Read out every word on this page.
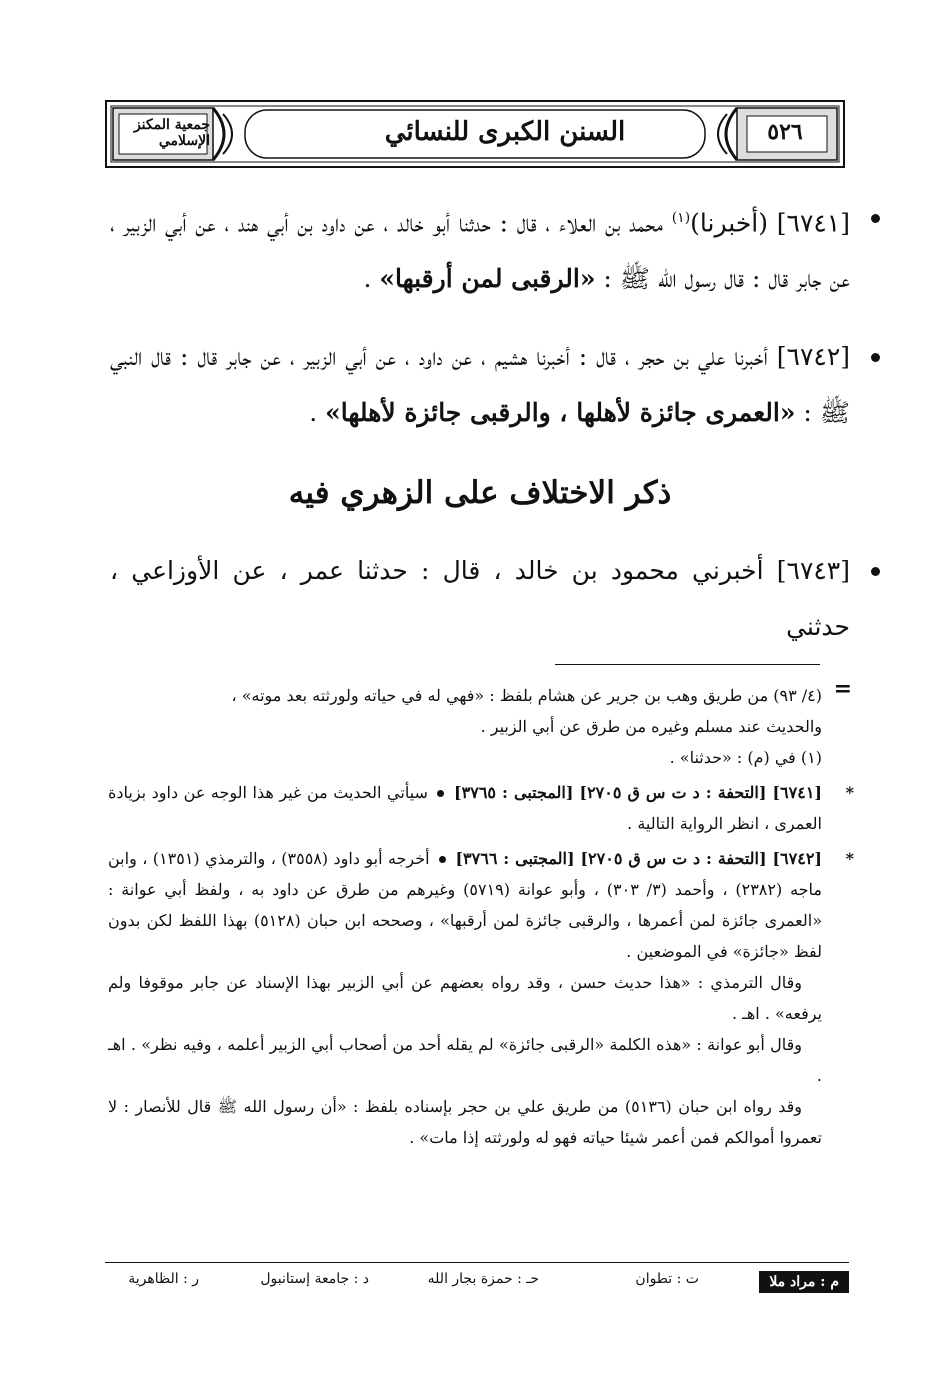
جمعية المكنز الإسلامي	السنن الكبرى للنسائي	٥٢٦
[٦٧٤١] (أخبرنا)$^{(١)}$ محمد بن العلاء ، قال : حدثنا أبو خالد ، عن داود بن أبي هند ، عن أبي الزبير ، عن جابر قال : قال رسول الله ﷺ : «الرقبى لمن أرقبها» .
[٦٧٤٢] أخبرنا علي بن حجر ، قال : أخبرنا هشيم ، عن داود ، عن أبي الزبير ، عن جابر قال : قال النبي ﷺ : «العمرى جائزة لأهلها ، والرقبى جائزة لأهلها» .
ذكر الاختلاف على الزهري فيه
[٦٧٤٣] أخبرني محمود بن خالد ، قال : حدثنا عمر ، عن الأوزاعي ، حدثني
=
(٤/ ٩٣) من طريق وهب بن جرير عن هشام بلفظ : «فهي له في حياته ولورثته بعد موته» ،
والحديث عند مسلم وغيره من طرق عن أبي الزبير .
(١) في (م) : «حدثنا» .
*
[٦٧٤١] [التحفة : د ت س ق ٢٧٠٥] [المجتبى : ٣٧٦٥]  سيأتي الحديث من غير هذا الوجه عن داود بزيادة العمرى ، انظر الرواية التالية .
*
[٦٧٤٢] [التحفة : د ت س ق ٢٧٠٥] [المجتبى : ٣٧٦٦]  أخرجه أبو داود (٣٥٥٨) ، والترمذي (١٣٥١) ، وابن ماجه (٢٣٨٢) ، وأحمد (٣/ ٣٠٣) ، وأبو عوانة (٥٧١٩) وغيرهم من طرق عن داود به ، ولفظ أبي عوانة : «العمرى جائزة لمن أعمرها ، والرقبى جائزة لمن أرقبها» ، وصححه ابن حبان (٥١٢٨) بهذا اللفظ لكن بدون لفظ «جائزة» في الموضعين .
وقال الترمذي : «هذا حديث حسن ، وقد رواه بعضهم عن أبي الزبير بهذا الإسناد عن جابر موقوفا ولم يرفعه» . اهـ .
وقال أبو عوانة : «هذه الكلمة «الرقبى جائزة» لم يقله أحد من أصحاب أبي الزبير أعلمه ، وفيه نظر» . اهـ .
وقد رواه ابن حبان (٥١٣٦) من طريق علي بن حجر بإسناده بلفظ : «أن رسول الله ﷺ قال للأنصار : لا تعمروا أموالكم فمن أعمر شيئا حياته فهو له ولورثته إذا مات» .
م : مراد ملا
ت : تطوان
حـ : حمزة بجار الله
د : جامعة إستانبول
ر : الظاهرية
